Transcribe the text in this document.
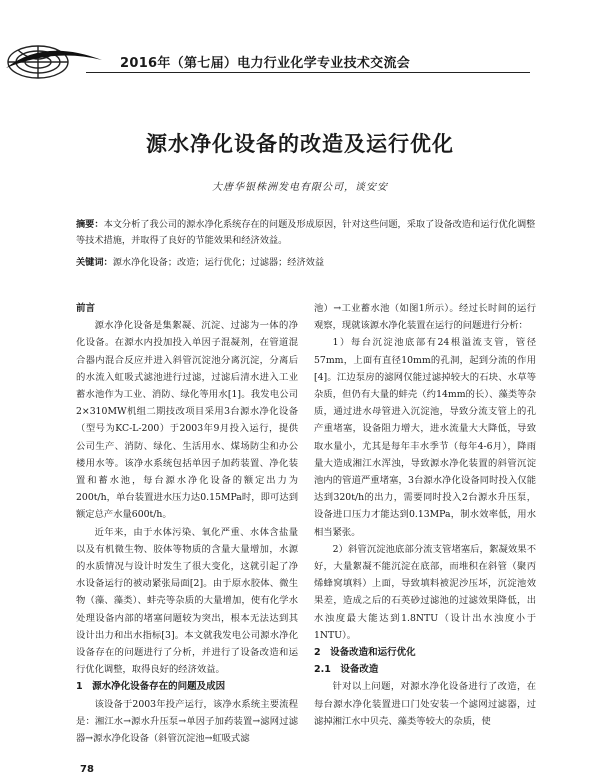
2016年（第七届）电力行业化学专业技术交流会
源水净化设备的改造及运行优化
大唐华银株洲发电有限公司，谈安安
摘要：本文分析了我公司的源水净化系统存在的问题及形成原因，针对这些问题，采取了设备改造和运行优化调整等技术措施，并取得了良好的节能效果和经济效益。
关键词：源水净化设备；改造；运行优化；过滤器；经济效益

前言

源水净化设备是集絮凝、沉淀、过滤为一体的净化设备。在源水内投加投入单因子混凝剂，在管道混合器内混合反应并进入斜管沉淀池分离沉淀，分离后的水流入虹吸式滤池进行过滤，过滤后清水进入工业蓄水池作为工业、消防、绿化等用水[1]。我发电公司2×310MW机组二期技改项目采用3台源水净化设备（型号为KC-L-200）于2003年9月投入运行，提供公司生产、消防、绿化、生活用水、煤场防尘和办公楼用水等。该净水系统包括单因子加药装置、净化装置和蓄水池，每台源水净化设备的额定出力为200t/h，单台装置进水压力达0.15MPa时，即可达到额定总产水量600t/h。

近年来，由于水体污染、氧化严重、水体含盐量以及有机微生物、胶体等物质的含量大量增加，水源的水质情况与设计时发生了很大变化，这就引起了净水设备运行的被动紧张局面[2]。由于原水胶体、微生物（藻、藻类）、蚌壳等杂质的大量增加，使有化学水处理设备内部的堵塞问题较为突出，根本无法达到其设计出力和出水指标[3]。本文就我发电公司源水净化设备存在的问题进行了分析，并进行了设备改造和运行优化调整，取得良好的经济效益。

1　源水净化设备存在的问题及成因

该设备于2003年投产运行，该净水系统主要流程是：湘江水→源水升压泵→单因子加药装置→滤网过滤器→源水净化设备（斜管沉淀池→虹吸式滤

池）→工业蓄水池（如图1所示）。经过长时间的运行观察，现就该源水净化装置在运行的问题进行分析：

1）每台沉淀池底部有24根溢流支管，管径57mm，上面有直径10mm的孔洞，起到分流的作用[4]。江边泵房的滤网仅能过滤掉较大的石块、水草等杂质，但仍有大量的蚌壳（约14mm的长）、藻类等杂质，通过进水母管进入沉淀池，导致分流支管上的孔产重堵塞，设备阻力增大，进水流量大大降低，导致取水量小，尤其是每年丰水季节（每年4-6月），降雨量大造成湘江水浑浊，导致源水净化装置的斜管沉淀池内的管道严重堵塞，3台源水净化设备同时投入仅能达到320t/h的出力，需要同时投入2台源水升压泵，设备进口压力才能达到0.13MPa，制水效率低，用水相当紧张。

2）斜管沉淀池底部分流支管堵塞后，絮凝效果不好，大量絮凝不能沉淀在底部，而堆积在斜管（聚丙烯蜂窝填料）上面，导致填料被泥沙压坏，沉淀池效果差，造成之后的石英砂过滤池的过滤效果降低，出水浊度最大能达到1.8NTU（设计出水浊度小于1NTU）。

2　设备改造和运行优化

2.1　设备改造

针对以上问题，对源水净化设备进行了改造，在每台源水净化装置进口门处安装一个滤网过滤器，过滤掉湘江水中贝壳、藻类等较大的杂质，使

78
